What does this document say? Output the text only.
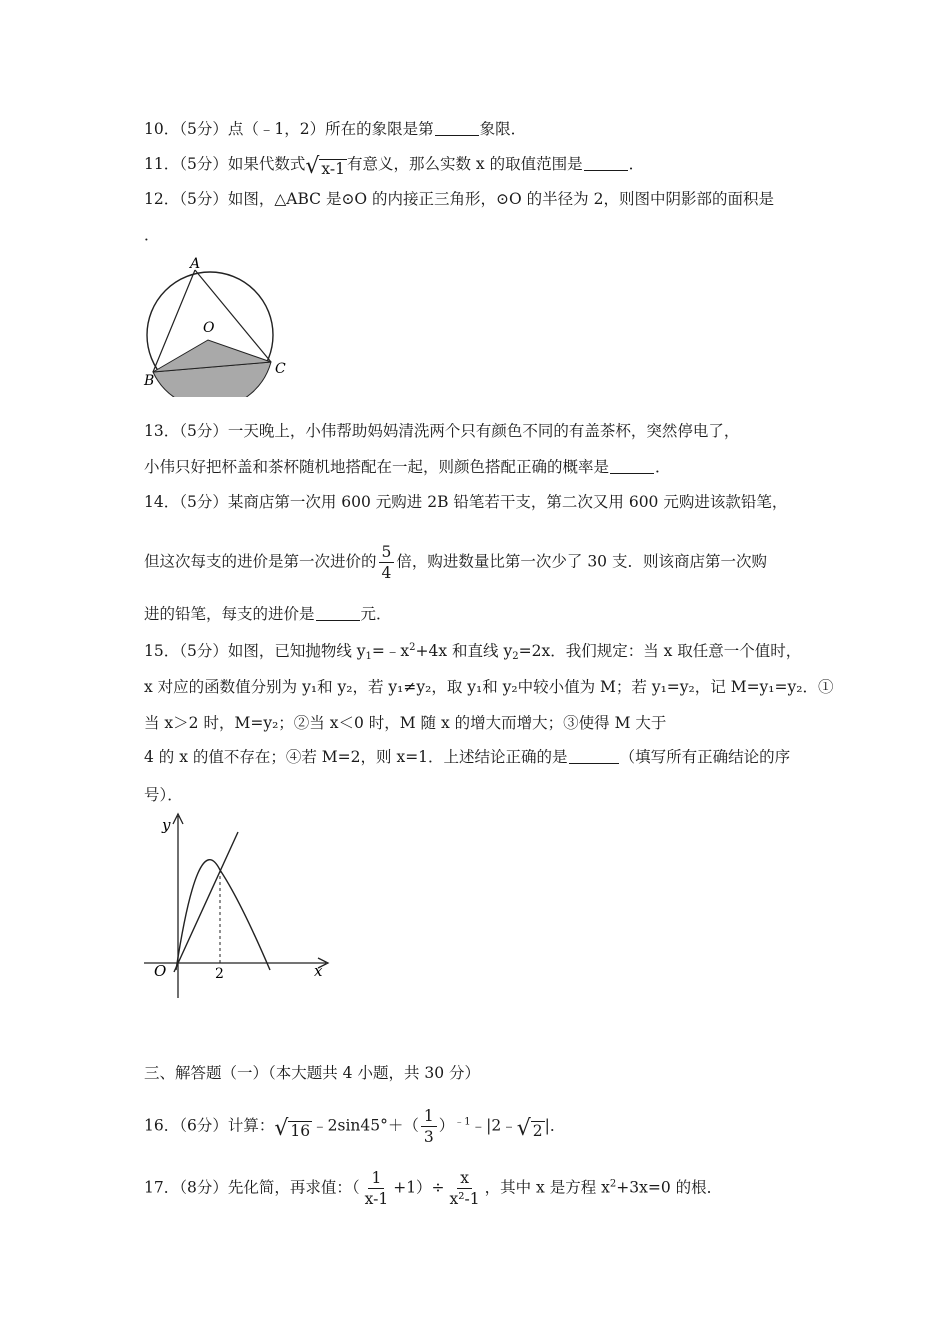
10．（5分）点（﹣1，2）所在的象限是第	象限．
11．（5分）如果代数式 √ x-1 有意义，那么实数 x 的取值范围是	．
12．（5分）如图，△ABC 是⊙O 的内接正三角形，⊙O 的半径为 2，则图中阴影部的面积是
．
A
B
C
O
13．（5分）一天晚上，小伟帮助妈妈清洗两个只有颜色不同的有盖茶杯，突然停电了，
小伟只好把杯盖和茶杯随机地搭配在一起，则颜色搭配正确的概率是	．
14．（5分）某商店第一次用 600 元购进 2B 铅笔若干支，第二次又用 600 元购进该款铅笔，
但这次每支的进价是第一次进价的 $\frac{5}{4}$ 倍，购进数量比第一次少了 30 支．则该商店第一次购
进的铅笔，每支的进价是	元．
15．（5分）如图，已知抛物线 $y_1=﹣x^2+4x$ 和直线 $y_2=2x$．我们规定：当 x 取任意一个值时，
x 对应的函数值分别为 y₁和 y₂，若 y₁≠y₂，取 y₁和 y₂中较小值为 M；若 y₁=y₂，记 M=y₁=y₂．①
当 x＞2 时，M=y₂；②当 x＜0 时，M 随 x 的增大而增大；③使得 M 大于
4 的 x 的值不存在；④若 M=2，则 x=1．上述结论正确的是	（填写所有正确结论的序
号）．
y
x
O	2
三、解答题（一）（本大题共 4 小题，共 30 分）
16．（6分）计算： √ 16 ﹣2sin45°＋（ $\frac{1}{3}$ ）$^{﹣1}$﹣|2﹣ √ 2 |．
17．（8分）先化简，再求值：（ $\frac{1}{x-1} +1)\div \frac{x}{\text{x²-1}}$ ，其中 x 是方程 $x^2+3x=0$ 的根．
